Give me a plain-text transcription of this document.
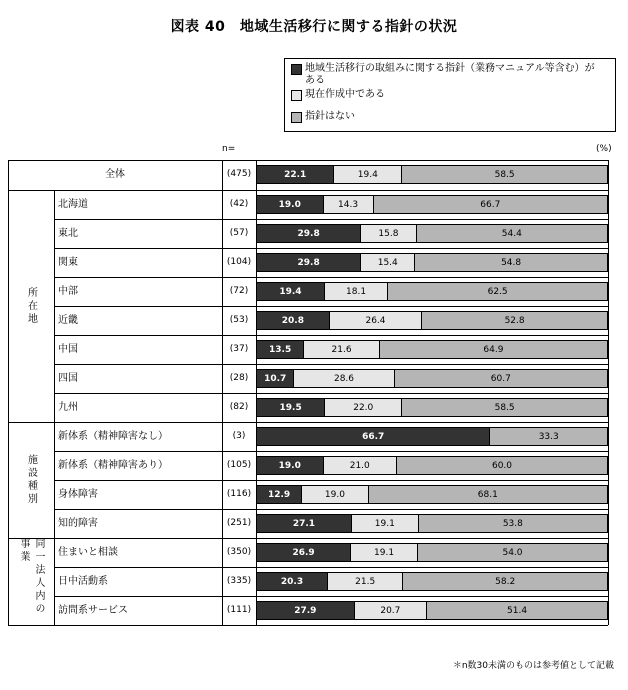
図表 40　地域生活移行に関する指針の状況
地域生活移行の取組みに関する指針（業務マニュアル等含む）がある
現在作成中である
指針はない
n=	(%)
全体	(475)	22.1	19.4	58.5
北海道	(42)	19.0	14.3	66.7
東北	(57)	29.8	15.8	54.4
関東	(104)	29.8	15.4	54.8
中部	(72)	19.4	18.1	62.5
近畿	(53)	20.8	26.4	52.8
中国	(37)	13.5	21.6	64.9
四国	(28)	10.7	28.6	60.7
九州	(82)	19.5	22.0	58.5
新体系（精神障害なし）	(3)	66.7	33.3
新体系（精神障害あり）	(105)	19.0	21.0	60.0
身体障害	(116)	12.9	19.0	68.1
知的障害	(251)	27.1	19.1	53.8
住まいと相談	(350)	26.9	19.1	54.0
日中活動系	(335)	20.3	21.5	58.2
訪問系サービス	(111)	27.9	20.7	51.4
所在地
施設種別
同一法人内の事業
＊n数30未満のものは参考値として記載
